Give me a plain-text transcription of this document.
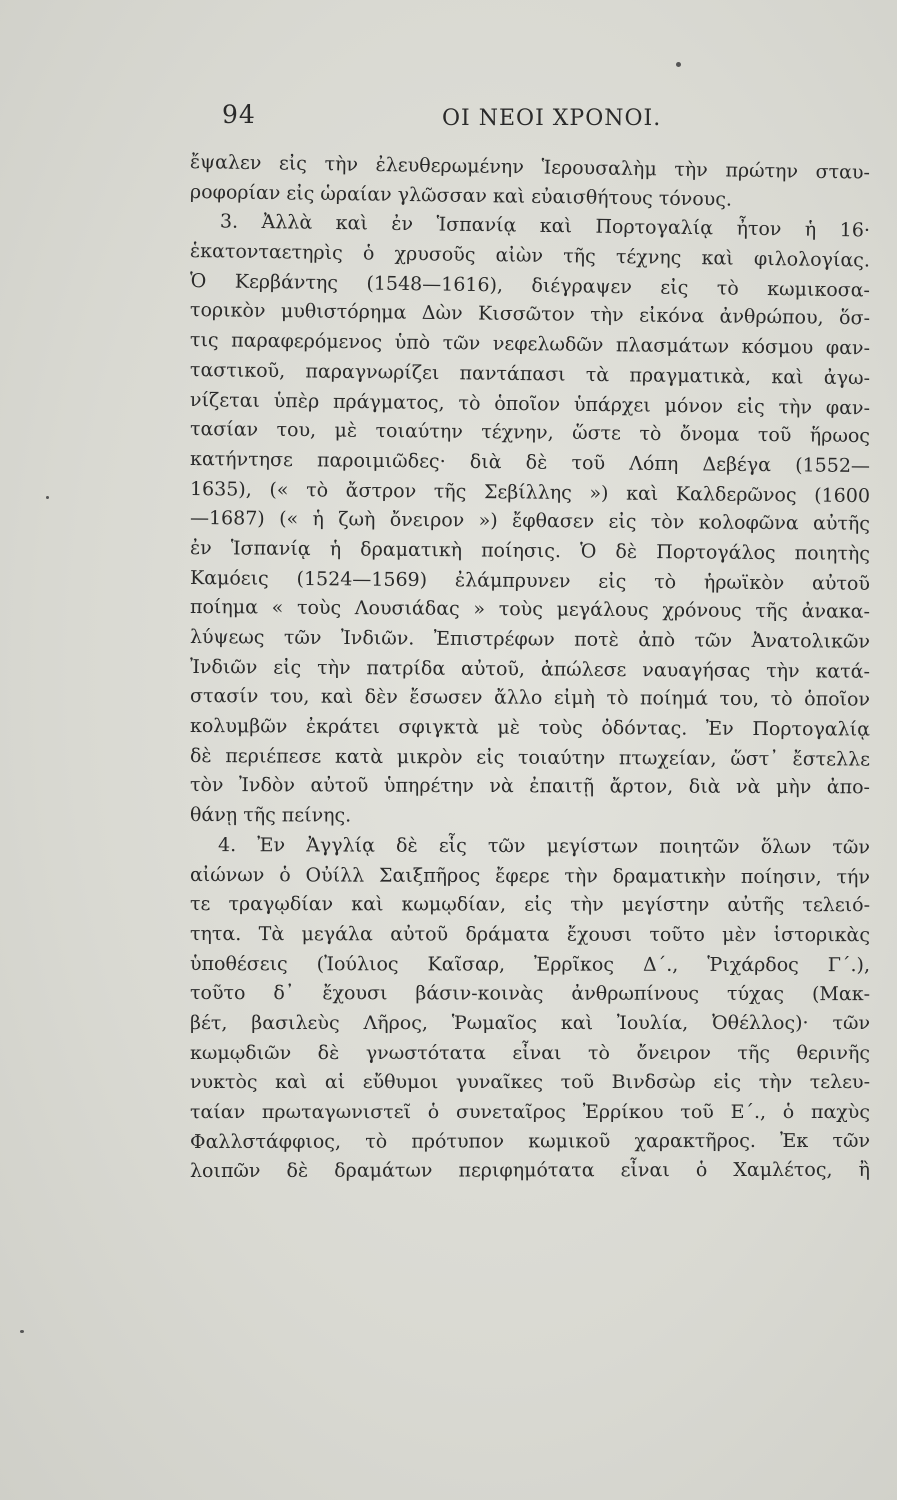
94	ΟΙ ΝΕΟΙ ΧΡΟΝΟΙ.
ἔψαλεν εἰς τὴν ἐλευθερωμένην Ἱερουσαλὴμ τὴν πρώτην σταυ-
ροφορίαν εἰς ὡραίαν γλῶσσαν καὶ εὐαισθήτους τόνους.
3. Ἀλλὰ καὶ ἐν Ἱσπανίᾳ καὶ Πορτογαλίᾳ ἦτον ἡ 16·
ἑκατονταετηρὶς ὁ χρυσοῦς αἰὼν τῆς τέχνης καὶ φιλολογίας.
Ὁ Κερβάντης (1548—1616), διέγραψεν εἰς τὸ κωμικοσα-
τορικὸν μυθιστόρημα Δὼν Κισσῶτον τὴν εἰκόνα ἀνθρώπου, ὅσ-
τις παραφερόμενος ὑπὸ τῶν νεφελωδῶν πλασμάτων κόσμου φαν-
ταστικοῦ, παραγνωρίζει παντάπασι τὰ πραγματικὰ, καὶ ἀγω-
νίζεται ὑπὲρ πράγματος, τὸ ὁποῖον ὑπάρχει μόνον εἰς τὴν φαν-
τασίαν του, μὲ τοιαύτην τέχνην, ὥστε τὸ ὄνομα τοῦ ἥρωος
κατήντησε παροιμιῶδες· διὰ δὲ τοῦ Λόπη Δεβέγα (1552—
1635), (« τὸ ἄστρον τῆς Σεβίλλης ») καὶ Καλδερῶνος (1600
—1687) (« ἡ ζωὴ ὄνειρον ») ἔφθασεν εἰς τὸν κολοφῶνα αὐτῆς
ἐν Ἱσπανίᾳ ἡ δραματικὴ ποίησις. Ὁ δὲ Πορτογάλος ποιητὴς
Καμόεις (1524—1569) ἐλάμπρυνεν εἰς τὸ ἡρωϊκὸν αὐτοῦ
ποίημα « τοὺς Λουσιάδας » τοὺς μεγάλους χρόνους τῆς ἀνακα-
λύψεως τῶν Ἰνδιῶν. Ἐπιστρέφων ποτὲ ἀπὸ τῶν Ἀνατολικῶν
Ἰνδιῶν εἰς τὴν πατρίδα αὐτοῦ, ἀπώλεσε ναυαγήσας τὴν κατά-
στασίν του, καὶ δὲν ἔσωσεν ἄλλο εἰμὴ τὸ ποίημά του, τὸ ὁποῖον
κολυμβῶν ἐκράτει σφιγκτὰ μὲ τοὺς ὀδόντας. Ἐν Πορτογαλίᾳ
δὲ περιέπεσε κατὰ μικρὸν εἰς τοιαύτην πτωχείαν, ὥστ᾽ ἔστελλε
τὸν Ἰνδὸν αὐτοῦ ὑπηρέτην νὰ ἐπαιτῇ ἄρτον, διὰ νὰ μὴν ἀπο-
θάνῃ τῆς πείνης.
4. Ἐν Ἀγγλίᾳ δὲ εἷς τῶν μεγίστων ποιητῶν ὅλων τῶν
αἰώνων ὁ Οὐίλλ Σαιξπῆρος ἔφερε τὴν δραματικὴν ποίησιν, τήν
τε τραγῳδίαν καὶ κωμῳδίαν, εἰς τὴν μεγίστην αὐτῆς τελειό-
τητα. Τὰ μεγάλα αὐτοῦ δράματα ἔχουσι τοῦτο μὲν ἱστορικὰς
ὑποθέσεις (Ἰούλιος Καῖσαρ, Ἐρρῖκος Δ΄., Ῥιχάρδος Γ΄.),
τοῦτο δ᾽ ἔχουσι βάσιν-κοινὰς ἀνθρωπίνους τύχας (Μακ-
βέτ, βασιλεὺς Λῆρος, Ῥωμαῖος καὶ Ἰουλία, Ὀθέλλος)· τῶν
κωμῳδιῶν δὲ γνωστότατα εἶναι τὸ ὄνειρον τῆς θερινῆς
νυκτὸς καὶ αἱ εὔθυμοι γυναῖκες τοῦ Βινδσὼρ εἰς τὴν τελευ-
ταίαν πρωταγωνιστεῖ ὁ συνεταῖρος Ἐρρίκου τοῦ Ε΄., ὁ παχὺς
Φαλλστάφφιος, τὸ πρότυπον κωμικοῦ χαρακτῆρος. Ἐκ τῶν
λοιπῶν δὲ δραμάτων περιφημότατα εἶναι ὁ Χαμλέτος, ἢ
